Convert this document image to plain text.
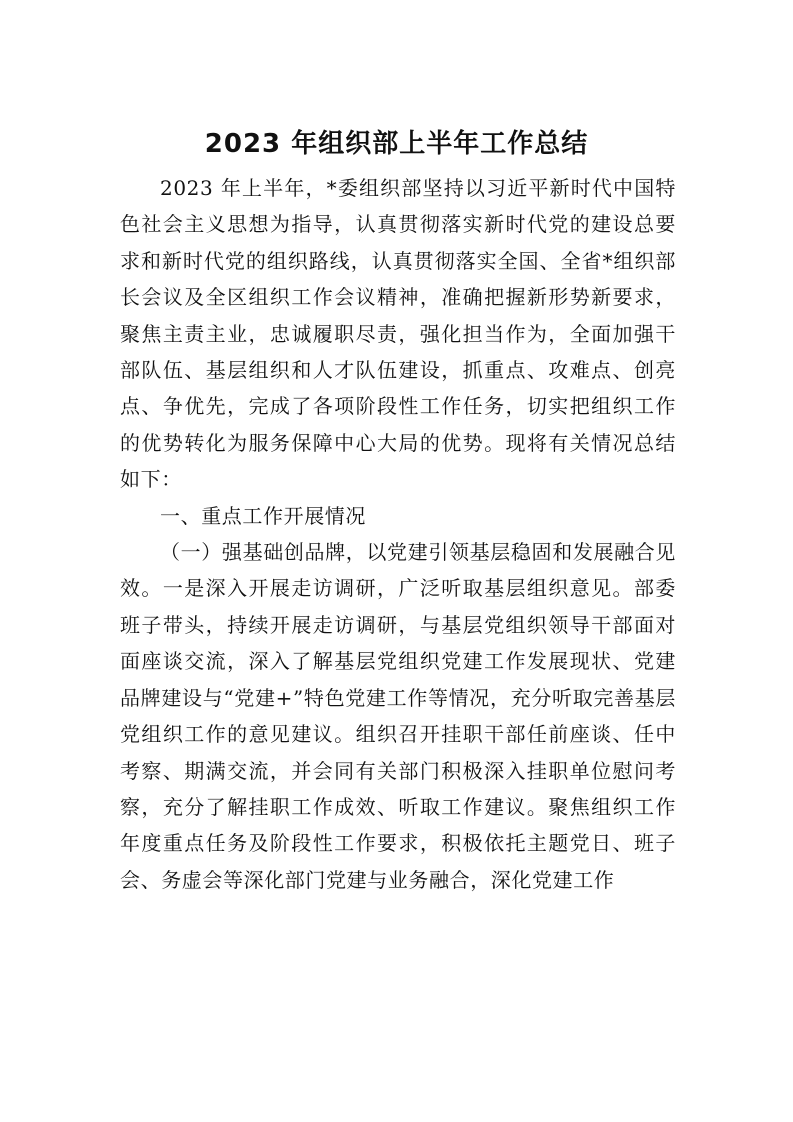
2023 年组织部上半年工作总结

2023 年上半年，*委组织部坚持以习近平新时代中国特色社会主义思想为指导，认真贯彻落实新时代党的建设总要求和新时代党的组织路线，认真贯彻落实全国、全省*组织部长会议及全区组织工作会议精神，准确把握新形势新要求，聚焦主责主业，忠诚履职尽责，强化担当作为，全面加强干部队伍、基层组织和人才队伍建设，抓重点、攻难点、创亮点、争优先，完成了各项阶段性工作任务，切实把组织工作的优势转化为服务保障中心大局的优势。现将有关情况总结如下：

一、重点工作开展情况

（一）强基础创品牌，以党建引领基层稳固和发展融合见效。一是深入开展走访调研，广泛听取基层组织意见。部委班子带头，持续开展走访调研，与基层党组织领导干部面对面座谈交流，深入了解基层党组织党建工作发展现状、党建品牌建设与“党建+”特色党建工作等情况，充分听取完善基层党组织工作的意见建议。组织召开挂职干部任前座谈、任中考察、期满交流，并会同有关部门积极深入挂职单位慰问考察，充分了解挂职工作成效、听取工作建议。聚焦组织工作年度重点任务及阶段性工作要求，积极依托主题党日、班子会、务虚会等深化部门党建与业务融合，深化党建工作
